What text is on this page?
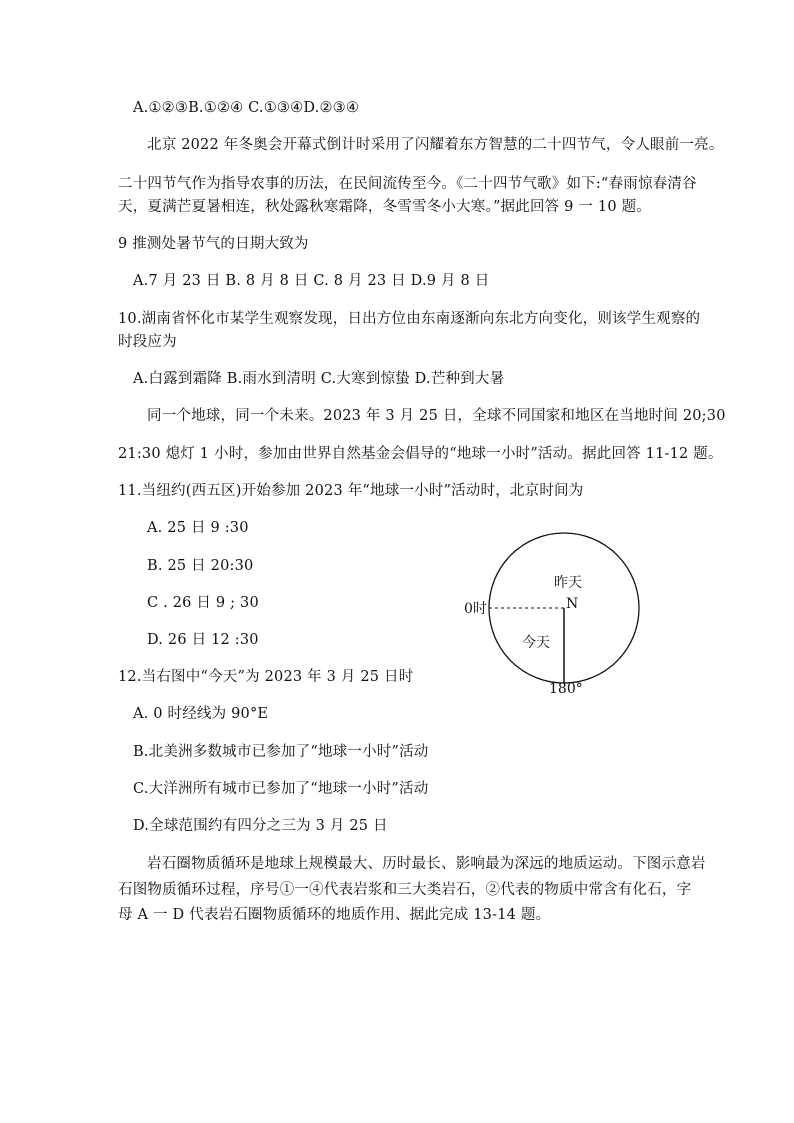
A.①②③B.①②④ C.①③④D.②③④
北京 2022 年冬奥会开幕式倒计时采用了闪耀着东方智慧的二十四节气，令人眼前一亮。
二十四节气作为指导农事的历法，在民间流传至今。《二十四节气歌》如下:“春雨惊春清谷
天，夏满芒夏暑相连，秋处露秋寒霜降，冬雪雪冬小大寒。”据此回答 9 一 10 题。
9 推测处暑节气的日期大致为
A.7 月 23 日 B. 8 月 8 日 C. 8 月 23 日 D.9 月 8 日
10.湖南省怀化市某学生观察发现，日出方位由东南逐渐向东北方向变化，则该学生观察的
时段应为
A.白露到霜降 B.雨水到清明 C.大寒到惊蛰 D.芒种到大暑
同一个地球，同一个未来。2023 年 3 月 25 日，全球不同国家和地区在当地时间 20;30
21:30 熄灯 1 小时，参加由世界自然基金会倡导的“地球一小时”活动。据此回答 11-12 题。
11.当纽约(西五区)开始参加 2023 年“地球一小时”活动时，北京时间为
A. 25 日 9 :30
B. 25 日 20:30
C . 26 日 9 ; 30
D. 26 日 12 :30
12.当右图中“今天”为 2023 年 3 月 25 日时
A. 0 时经线为 90°E
B.北美洲多数城市已参加了“地球一小时”活动
C.大洋洲所有城市已参加了“地球一小时”活动
D.全球范围约有四分之三为 3 月 25 日
岩石圈物质循环是地球上规模最大、历时最长、影响最为深远的地质运动。下图示意岩
石图物质循环过程，序号①一④代表岩浆和三大类岩石，②代表的物质中常含有化石，字
母 A 一 D 代表岩石圈物质循环的地质作用、据此完成 13-14 题。
昨天
N
0时
今天
180°
